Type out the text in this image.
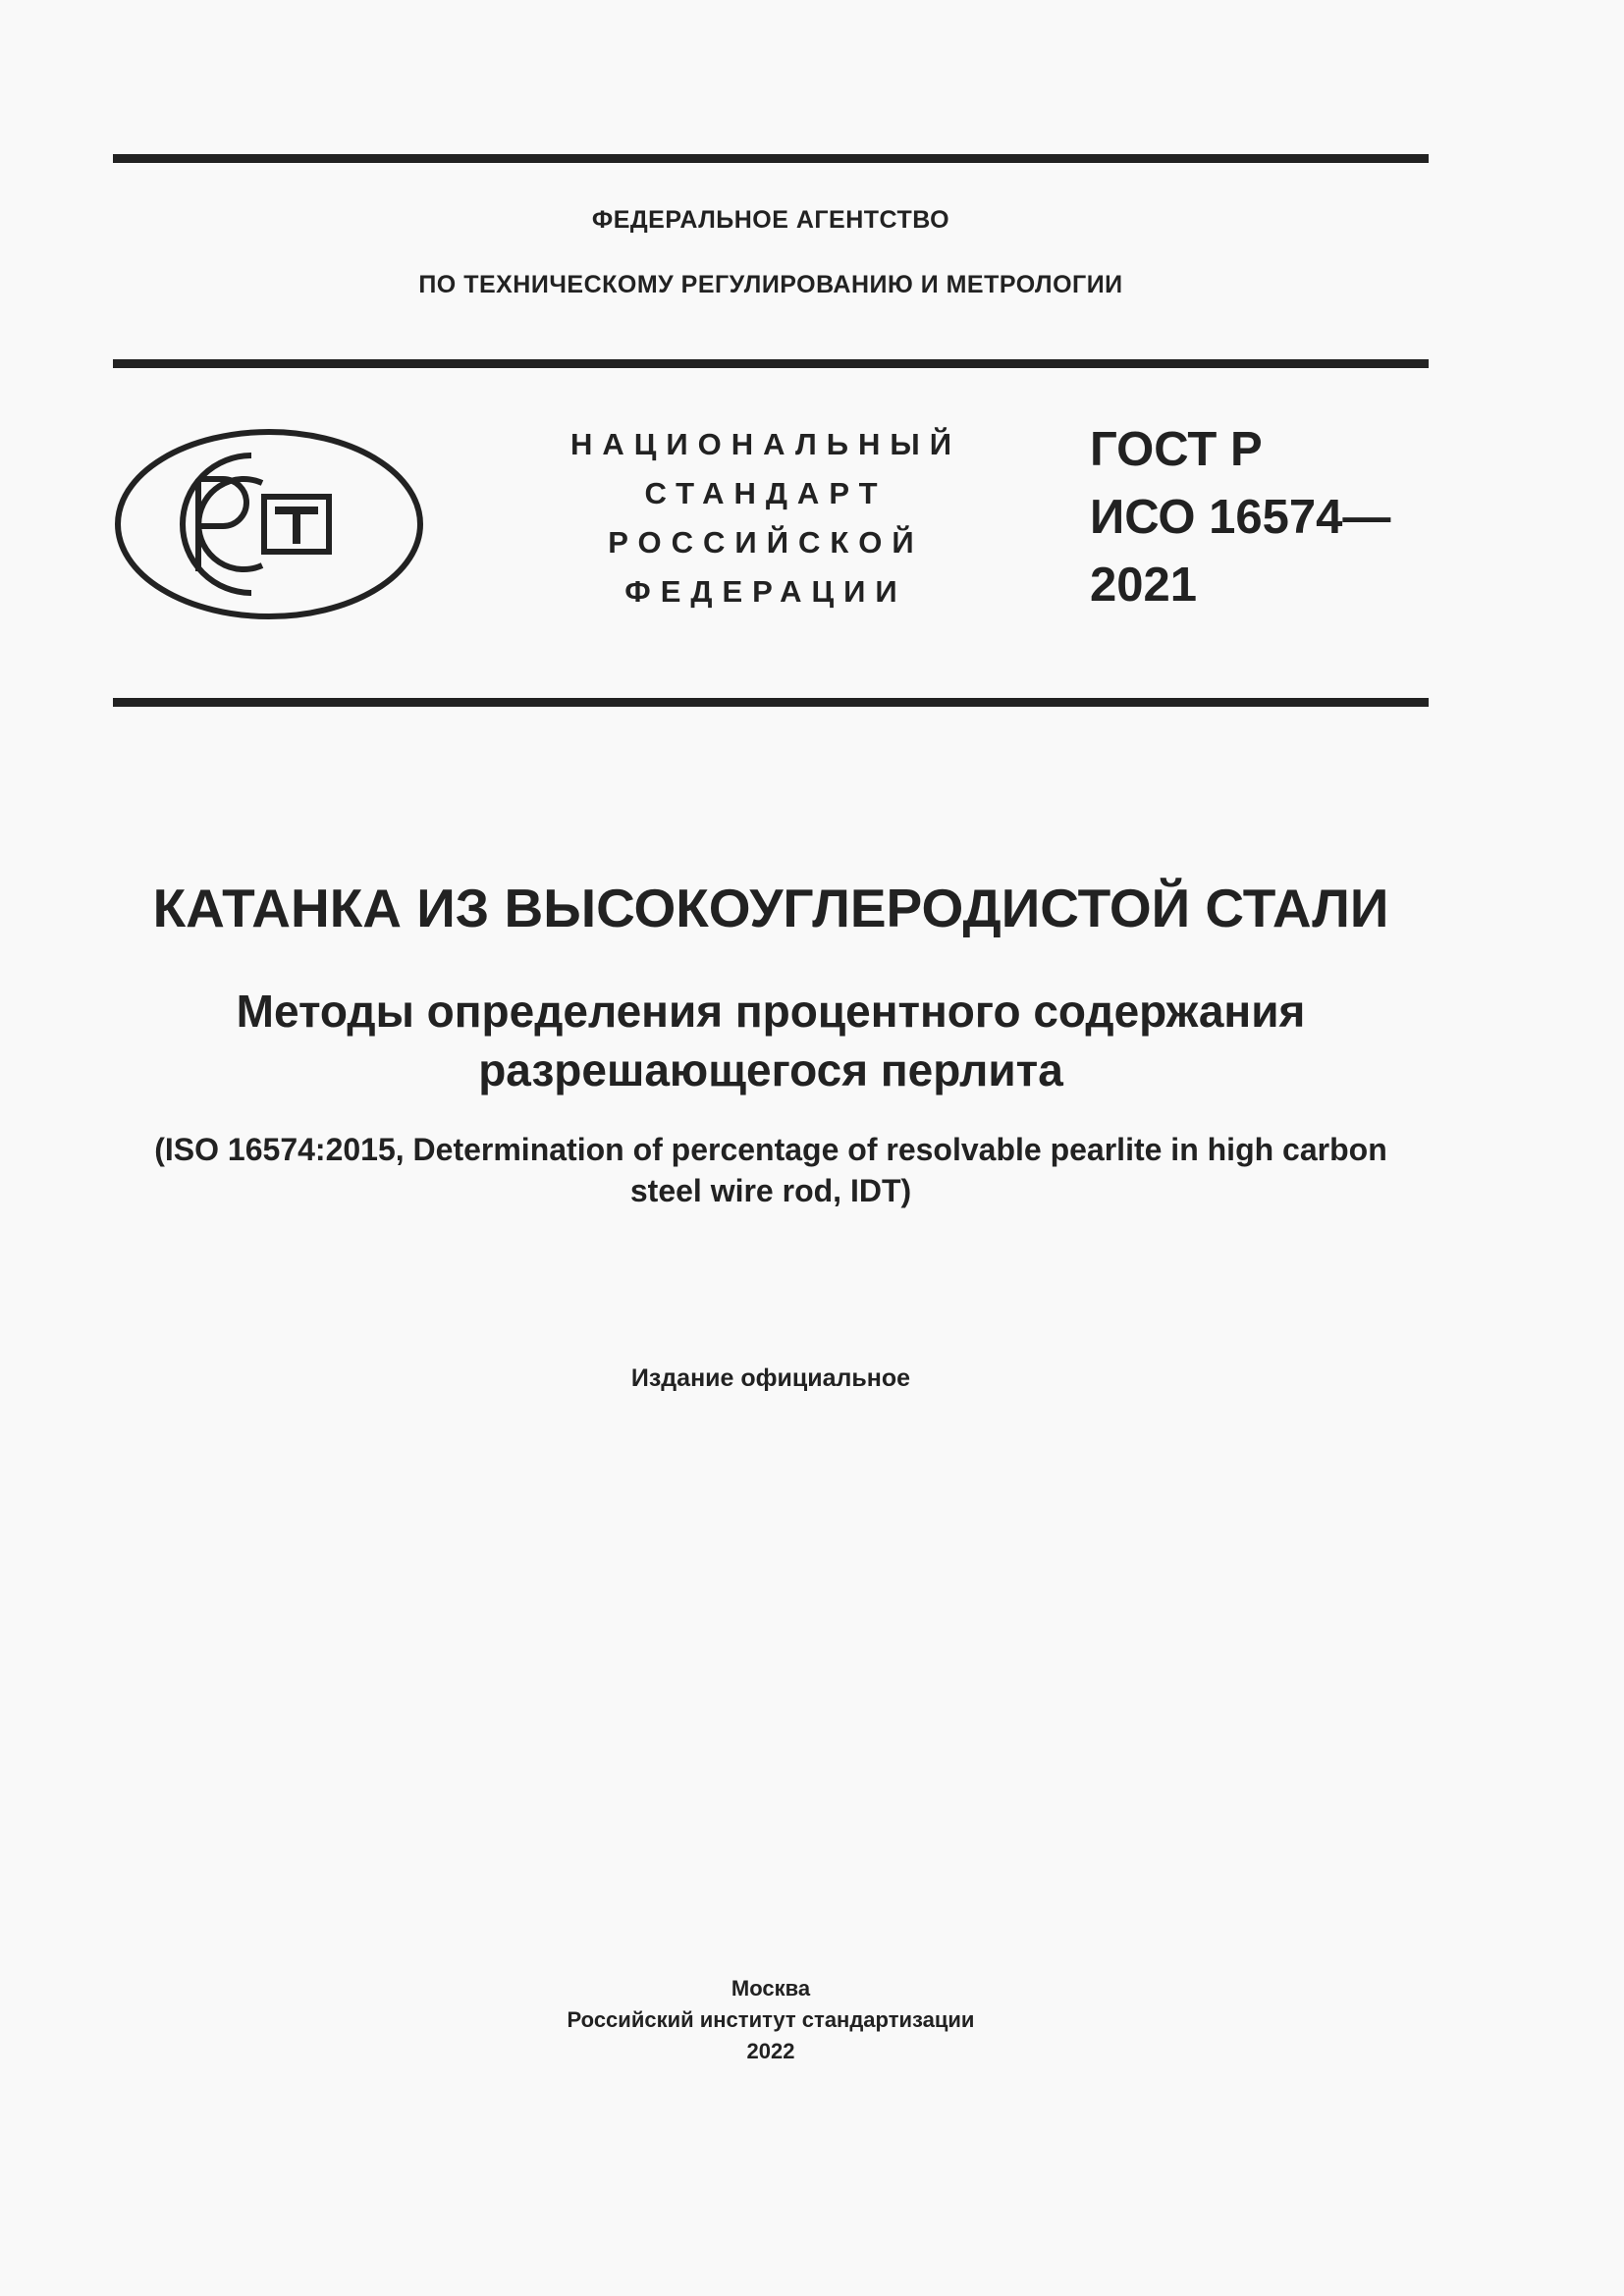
ФЕДЕРАЛЬНОЕ АГЕНТСТВО
ПО ТЕХНИЧЕСКОМУ РЕГУЛИРОВАНИЮ И МЕТРОЛОГИИ
НАЦИОНАЛЬНЫЙ
СТАНДАРТ
РОССИЙСКОЙ
ФЕДЕРАЦИИ
ГОСТ Р
ИСО 16574—
2021
КАТАНКА ИЗ ВЫСОКОУГЛЕРОДИСТОЙ СТАЛИ
Методы определения процентного содержания
разрешающегося перлита
(ISO 16574:2015, Determination of percentage of resolvable pearlite in high carbon
steel wire rod, IDT)
Издание официальное
Москва
Российский институт стандартизации
2022
